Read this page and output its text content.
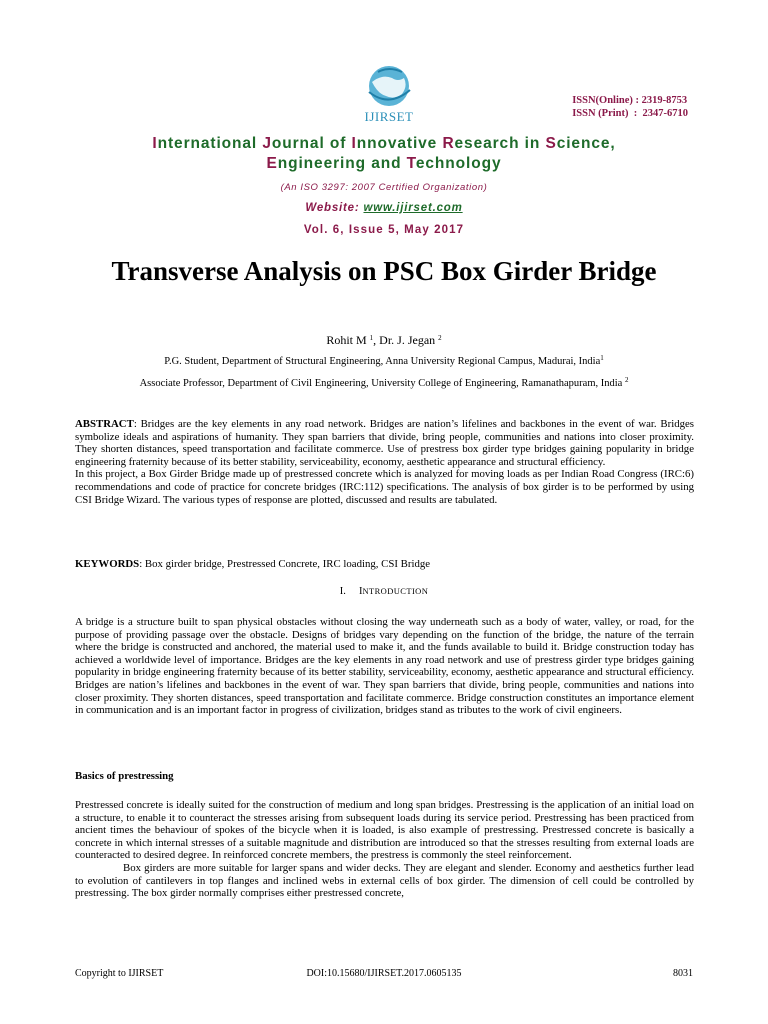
IJIRSET
ISSN(Online) : 2319-8753
ISSN (Print)  :  2347-6710
International Journal of Innovative Research in Science,
Engineering and Technology
(An ISO 3297: 2007 Certified Organization)
Website: www.ijirset.com
Vol. 6, Issue 5, May 2017
Transverse Analysis on PSC Box Girder Bridge
Rohit M $^1$, Dr. J. Jegan $^2$
P.G. Student, Department of Structural Engineering, Anna University Regional Campus, Madurai, India$^1$
Associate Professor, Department of Civil Engineering, University College of Engineering, Ramanathapuram, India $^2$
ABSTRACT: Bridges are the key elements in any road network. Bridges are nation’s lifelines and backbones in the event of war. Bridges symbolize ideals and aspirations of humanity. They span barriers that divide, bring people, communities and nations into closer proximity. They shorten distances, speed transportation and facilitate commerce. Use of prestress box girder type bridges gaining popularity in bridge engineering fraternity because of its better stability, serviceability, economy, aesthetic appearance and structural efficiency.
In this project, a Box Girder Bridge made up of prestressed concrete which is analyzed for moving loads as per Indian Road Congress (IRC:6) recommendations and code of practice for concrete bridges (IRC:112) specifications. The analysis of box girder is to be performed by using CSI Bridge Wizard. The various types of response are plotted, discussed and results are tabulated.
KEYWORDS: Box girder bridge, Prestressed Concrete, IRC loading, CSI Bridge
I. INTRODUCTION
A bridge is a structure built to span physical obstacles without closing the way underneath such as a body of water, valley, or road, for the purpose of providing passage over the obstacle. Designs of bridges vary depending on the function of the bridge, the nature of the terrain where the bridge is constructed and anchored, the material used to make it, and the funds available to build it. Bridge construction today has achieved a worldwide level of importance. Bridges are the key elements in any road network and use of prestress girder type bridges gaining popularity in bridge engineering fraternity because of its better stability, serviceability, economy, aesthetic appearance and structural efficiency. Bridges are nation’s lifelines and backbones in the event of war. They span barriers that divide, bring people, communities and nations into closer proximity. They shorten distances, speed transportation and facilitate commerce. Bridge construction constitutes an importance element in communication and is an important factor in progress of civilization, bridges stand as tributes to the work of civil engineers.
Basics of prestressing

Prestressed concrete is ideally suited for the construction of medium and long span bridges. Prestressing is the application of an initial load on a structure, to enable it to counteract the stresses arising from subsequent loads during its service period. Prestressing has been practiced from ancient times the behaviour of spokes of the bicycle when it is loaded, is also example of prestressing. Prestressed concrete is basically a concrete in which internal stresses of a suitable magnitude and distribution are introduced so that the stresses resulting from external loads are counteracted to desired degree. In reinforced concrete members, the prestress is commonly the steel reinforcement.

Box girders are more suitable for larger spans and wider decks. They are elegant and slender. Economy and aesthetics further lead to evolution of cantilevers in top flanges and inclined webs in external cells of box girder. The dimension of cell could be controlled by prestressing. The box girder normally comprises either prestressed concrete,

Copyright to IJIRSET	DOI:10.15680/IJIRSET.2017.0605135	8031
